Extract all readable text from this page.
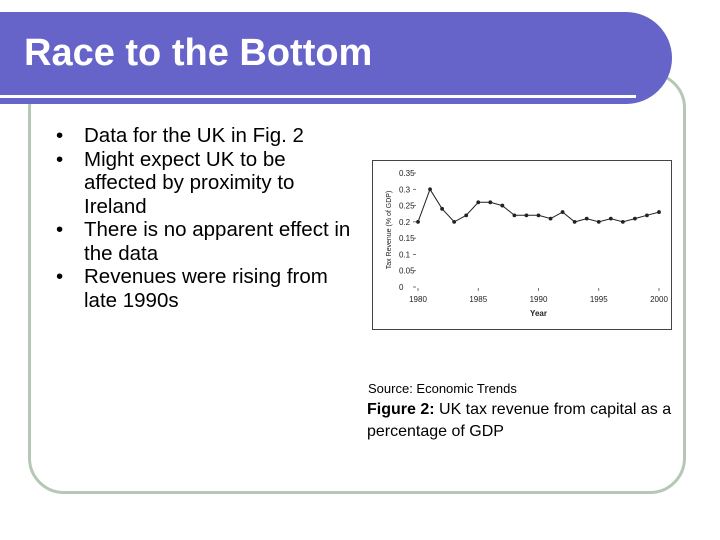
Race to the Bottom
• Data for the UK in Fig. 2
• Might expect UK to be affected by proximity to Ireland
• There is no apparent effect in the data
• Revenues were rising from late 1990s
0
0.05
0.1
0.15
0.2
0.25
0.3
0.35
1980	1985	1990	1995	2000
Tax Revenue (% of GDP)
Year
Source: Economic Trends
Figure 2: UK tax revenue from capital as a percentage of GDP
